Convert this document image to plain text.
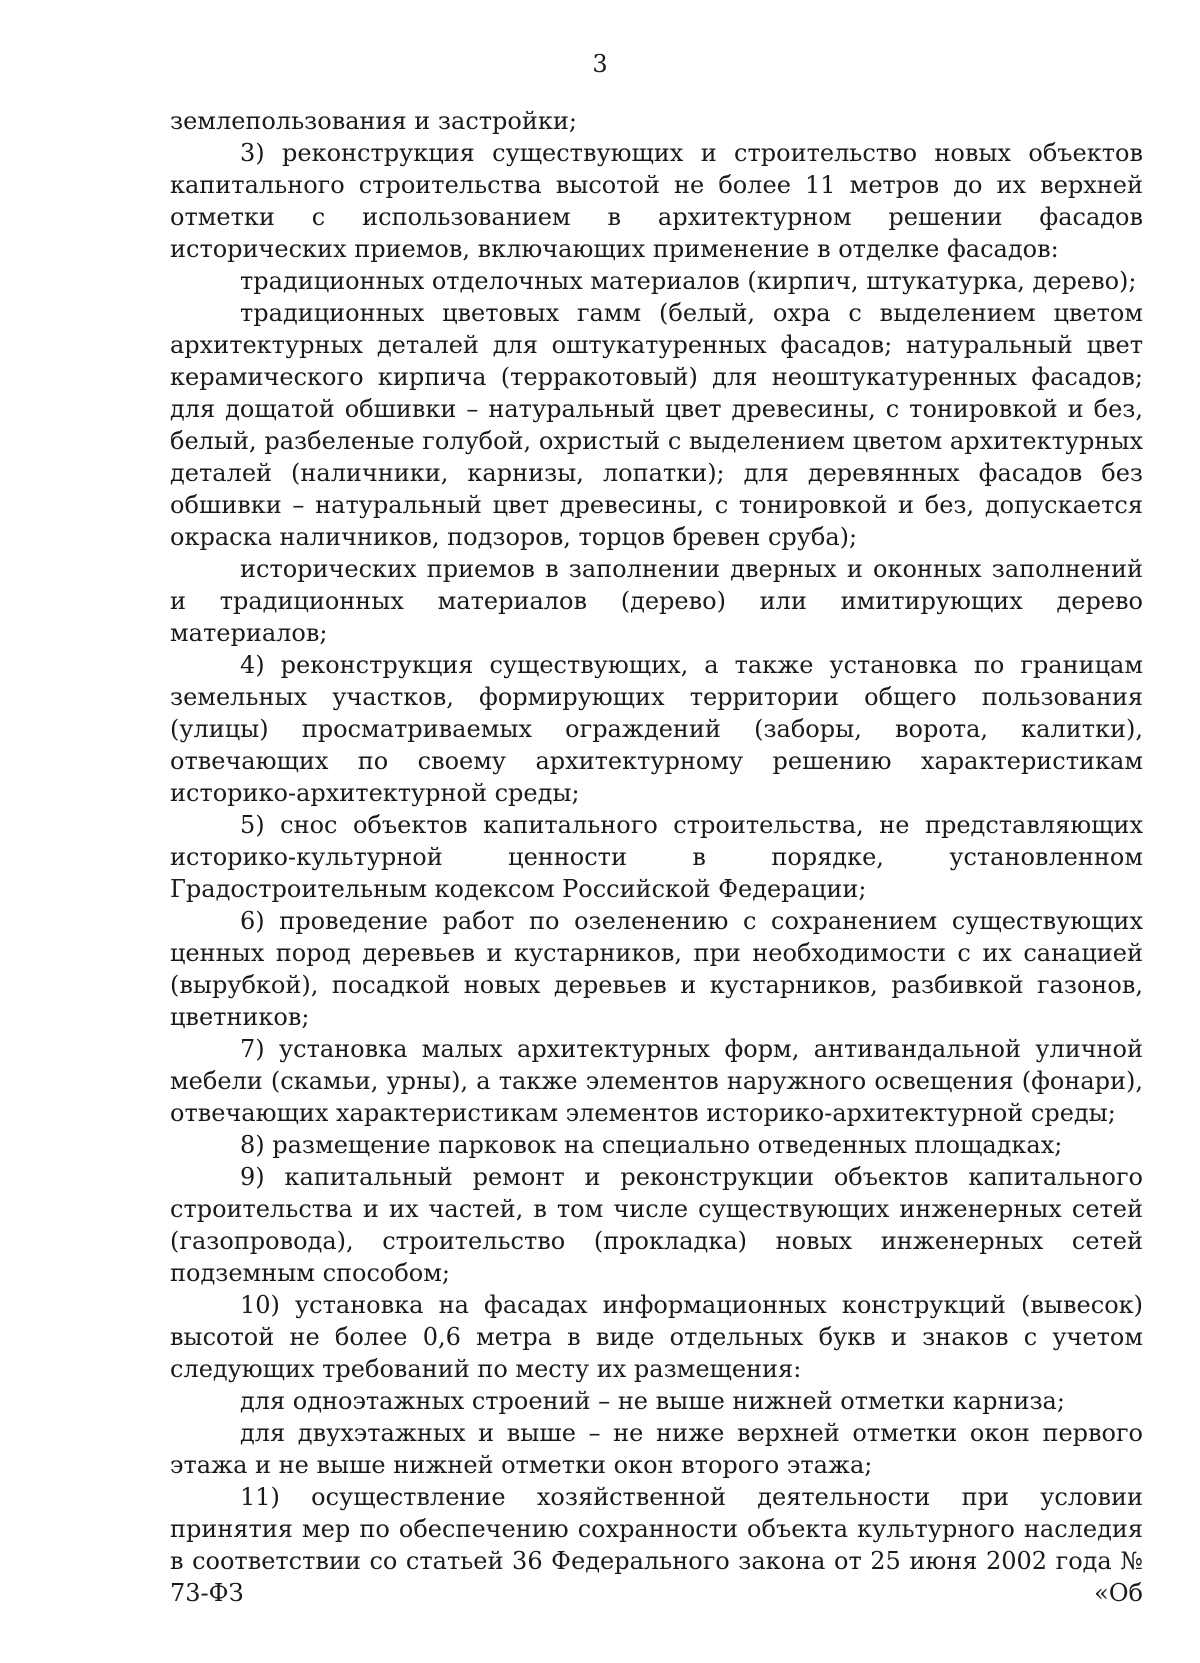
3

землепользования и застройки;

3) реконструкция существующих и строительство новых объектов капитального строительства высотой не более 11 метров до их верхней отметки с использованием в архитектурном решении фасадов исторических приемов, включающих применение в отделке фасадов:

традиционных отделочных материалов (кирпич, штукатурка, дерево);

традиционных цветовых гамм (белый, охра с выделением цветом архитектурных деталей для оштукатуренных фасадов; натуральный цвет керамического кирпича (терракотовый) для неоштукатуренных фасадов; для дощатой обшивки – натуральный цвет древесины, с тонировкой и без, белый, разбеленые голубой, охристый с выделением цветом архитектурных деталей (наличники, карнизы, лопатки); для деревянных фасадов без обшивки – натуральный цвет древесины, с тонировкой и без, допускается окраска наличников, подзоров, торцов бревен сруба);

исторических приемов в заполнении дверных и оконных заполнений и традиционных материалов (дерево) или имитирующих дерево материалов;

4) реконструкция существующих, а также установка по границам земельных участков, формирующих территории общего пользования (улицы) просматриваемых ограждений (заборы, ворота, калитки), отвечающих по своему архитектурному решению характеристикам историко-архитектурной среды;

5) снос объектов капитального строительства, не представляющих историко-культурной ценности в порядке, установленном Градостроительным кодексом Российской Федерации;

6) проведение работ по озеленению с сохранением существующих ценных пород деревьев и кустарников, при необходимости с их санацией (вырубкой), посадкой новых деревьев и кустарников, разбивкой газонов, цветников;

7) установка малых архитектурных форм, антивандальной уличной мебели (скамьи, урны), а также элементов наружного освещения (фонари), отвечающих характеристикам элементов историко-архитектурной среды;

8) размещение парковок на специально отведенных площадках;

9) капитальный ремонт и реконструкции объектов капитального строительства и их частей, в том числе существующих инженерных сетей (газопровода), строительство (прокладка) новых инженерных сетей подземным способом;

10) установка на фасадах информационных конструкций (вывесок) высотой не более 0,6 метра в виде отдельных букв и знаков с учетом следующих требований по месту их размещения:

для одноэтажных строений – не выше нижней отметки карниза;

для двухэтажных и выше – не ниже верхней отметки окон первого этажа и не выше нижней отметки окон второго этажа;

11) осуществление хозяйственной деятельности при условии принятия мер по обеспечению сохранности объекта культурного наследия в соответствии со статьей 36 Федерального закона от 25 июня 2002 года № 73-ФЗ «Об
